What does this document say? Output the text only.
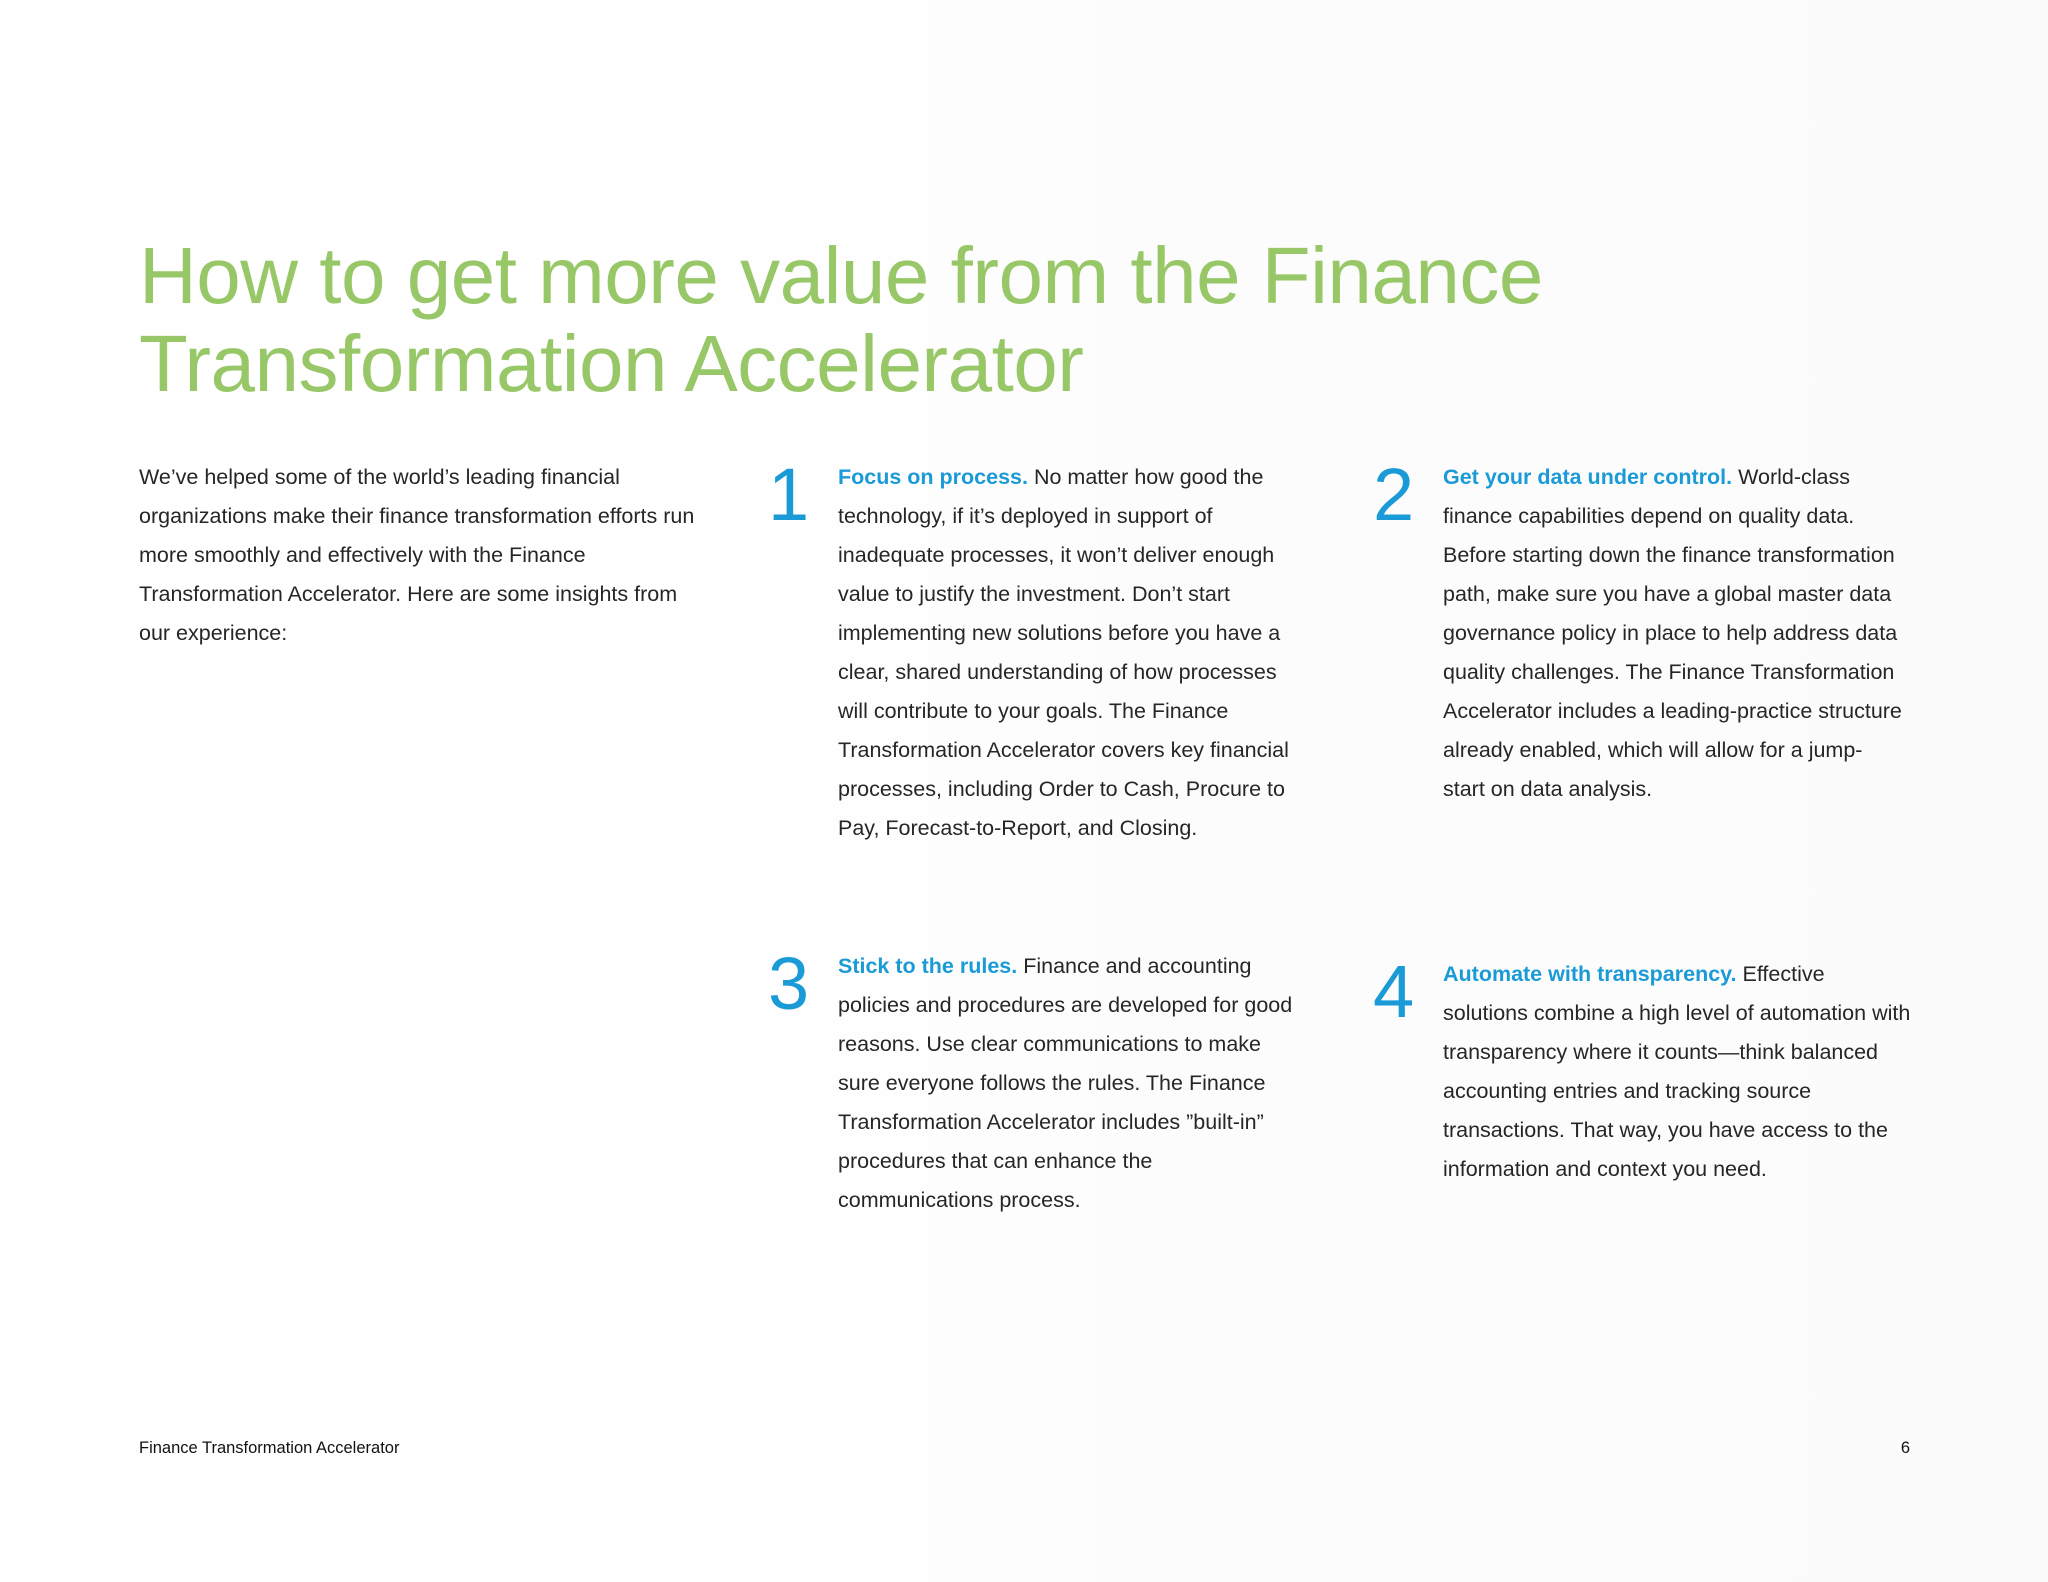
How to get more value from the Finance Transformation Accelerator

We’ve helped some of the world’s leading financial organizations make their finance transformation efforts run more smoothly and effectively with the Finance Transformation Accelerator. Here are some insights from our experience:

1 Focus on process. No matter how good the technology, if it’s deployed in support of inadequate processes, it won’t deliver enough value to justify the investment. Don’t start implementing new solutions before you have a clear, shared understanding of how processes will contribute to your goals. The Finance Transformation Accelerator covers key financial processes, including Order to Cash, Procure to Pay, Forecast-to-Report, and Closing.

2 Get your data under control. World-class finance capabilities depend on quality data. Before starting down the finance transformation path, make sure you have a global master data governance policy in place to help address data quality challenges. The Finance Transformation Accelerator includes a leading-practice structure already enabled, which will allow for a jump-start on data analysis.

3 Stick to the rules. Finance and accounting policies and procedures are developed for good reasons. Use clear communications to make sure everyone follows the rules. The Finance Transformation Accelerator includes ”built-in” procedures that can enhance the communications process.

4 Automate with transparency. Effective solutions combine a high level of automation with transparency where it counts—think balanced accounting entries and tracking source transactions. That way, you have access to the information and context you need.

Finance Transformation Accelerator	6
